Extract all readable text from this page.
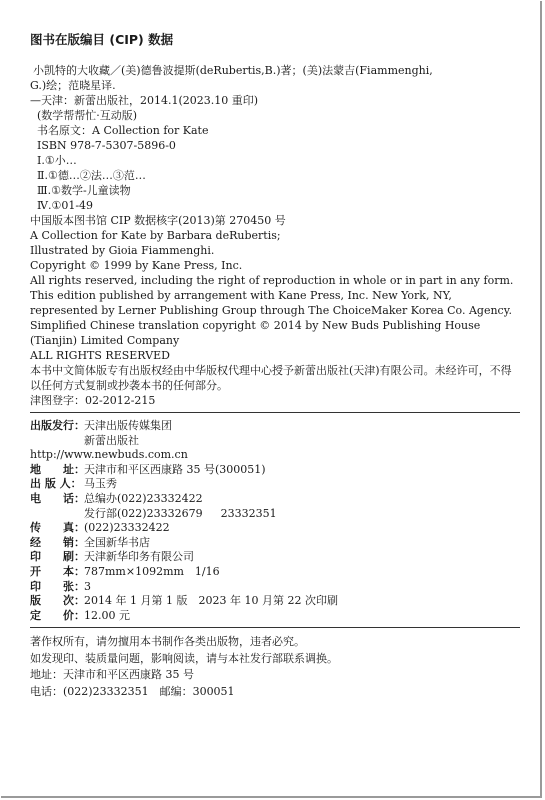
图书在版编目 (CIP) 数据
小凯特的大收藏／(美)德鲁波提斯(deRubertis,B.)著；(美)法蒙吉(Fiammenghi,
G.)绘；范晓星译.
—天津：新蕾出版社，2014.1(2023.10 重印)
(数学帮帮忙·互动版)
书名原文：A Collection for Kate
ISBN 978-7-5307-5896-0
Ⅰ.①小…
Ⅱ.①德…②法…③范…
Ⅲ.①数学-儿童读物
Ⅳ.①01-49
中国版本图书馆 CIP 数据核字(2013)第 270450 号
A Collection for Kate by Barbara deRubertis;
Illustrated by Gioia Fiammenghi.
Copyright © 1999 by Kane Press, Inc.
All rights reserved, including the right of reproduction in whole or in part in any form. This edition published by arrangement with Kane Press, Inc. New York, NY, represented by Lerner Publishing Group through The ChoiceMaker Korea Co. Agency.
Simplified Chinese translation copyright © 2014 by New Buds Publishing House (Tianjin) Limited Company
ALL RIGHTS RESERVED
本书中文简体版专有出版权经由中华版权代理中心授予新蕾出版社(天津)有限公司。未经许可，不得以任何方式复制或抄袭本书的任何部分。
津图登字：02-2012-215
出版发行： 天津出版传媒集团
新蕾出版社
http://www.newbuds.com.cn
地　　址： 天津市和平区西康路 35 号(300051)
出 版 人： 马玉秀
电　　话： 总编办(022)23332422
发行部(022)23332679 23332351
传　　真： (022)23332422
经　　销： 全国新华书店
印　　刷： 天津新华印务有限公司
开　　本： 787mm×1092mm　1/16
印　　张： 3
版　　次： 2014 年 1 月第 1 版　2023 年 10 月第 22 次印刷
定　　价： 12.00 元
著作权所有，请勿擅用本书制作各类出版物，违者必究。
如发现印、装质量问题，影响阅读，请与本社发行部联系调换。
地址：天津市和平区西康路 35 号
电话：(022)23332351　邮编：300051
